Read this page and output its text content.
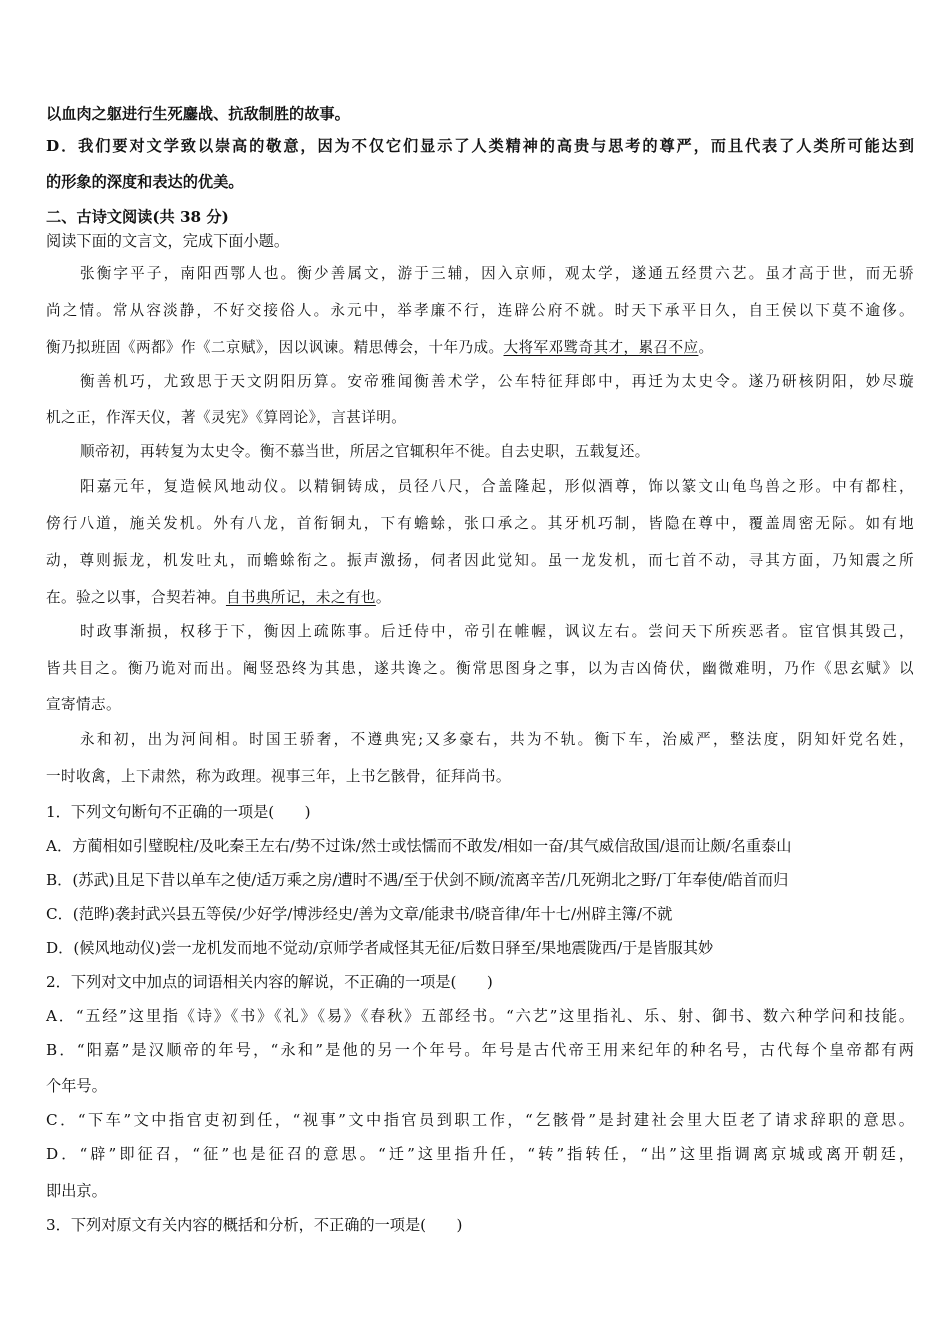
以血肉之躯进行生死鏖战、抗敌制胜的故事。
D．我们要对文学致以崇高的敬意，因为不仅它们显示了人类精神的高贵与思考的尊严，而且代表了人类所可能达到
的形象的深度和表达的优美。
二、古诗文阅读(共 38 分)
阅读下面的文言文，完成下面小题。
张衡字平子，南阳西鄂人也。衡少善属文，游于三辅，因入京师，观太学，遂通五经贯六艺。虽才高于世，而无骄
尚之情。常从容淡静，不好交接俗人。永元中，举孝廉不行，连辟公府不就。时天下承平日久，自王侯以下莫不逾侈。
衡乃拟班固《两都》作《二京赋》，因以讽谏。精思傅会，十年乃成。大将军邓骘奇其才，累召不应。
衡善机巧，尤致思于天文阴阳历算。安帝雅闻衡善术学，公车特征拜郎中，再迁为太史令。遂乃研核阴阳，妙尽璇
机之正，作浑天仪，著《灵宪》《算罔论》，言甚详明。
顺帝初，再转复为太史令。衡不慕当世，所居之官辄积年不徙。自去史职，五载复还。
阳嘉元年，复造候风地动仪。以精铜铸成，员径八尺，合盖隆起，形似酒尊，饰以篆文山龟鸟兽之形。中有都柱，
傍行八道，施关发机。外有八龙，首衔铜丸，下有蟾蜍，张口承之。其牙机巧制，皆隐在尊中，覆盖周密无际。如有地
动，尊则振龙，机发吐丸，而蟾蜍衔之。振声激扬，伺者因此觉知。虽一龙发机，而七首不动，寻其方面，乃知震之所
在。验之以事，合契若神。自书典所记，未之有也。
时政事渐损，权移于下，衡因上疏陈事。后迁侍中，帝引在帷幄，讽议左右。尝问天下所疾恶者。宦官惧其毁己，
皆共目之。衡乃诡对而出。阉竖恐终为其患，遂共谗之。衡常思图身之事，以为吉凶倚伏，幽微难明，乃作《思玄赋》以
宣寄情志。
永和初，出为河间相。时国王骄奢，不遵典宪;又多豪右，共为不轨。衡下车，治威严，整法度，阴知奸党名姓，
一时收禽，上下肃然，称为政理。视事三年，上书乞骸骨，征拜尚书。
1．下列文句断句不正确的一项是(　　)
A．方蔺相如引璧睨柱/及叱秦王左右/势不过诛/然士或怯懦而不敢发/相如一奋/其气威信敌国/退而让颇/名重泰山
B．(苏武)且足下昔以单车之使/适万乘之房/遭时不遇/至于伏剑不顾/流离辛苦/几死朔北之野/丁年奉使/皓首而归
C．(范晔)袭封武兴县五等侯/少好学/博涉经史/善为文章/能隶书/晓音律/年十七/州辟主簿/不就
D．(候风地动仪)尝一龙机发而地不觉动/京师学者咸怪其无征/后数日驿至/果地震陇西/于是皆服其妙
2．下列对文中加点的词语相关内容的解说，不正确的一项是(　　)
A．“五经”这里指《诗》《书》《礼》《易》《春秋》五部经书。“六艺”这里指礼、乐、射、御书、数六种学问和技能。
B．“阳嘉”是汉顺帝的年号，“永和”是他的另一个年号。年号是古代帝王用来纪年的种名号，古代每个皇帝都有两
个年号。
C．“下车”文中指官吏初到任，“视事”文中指官员到职工作，“乞骸骨”是封建社会里大臣老了请求辞职的意思。
D．“辟”即征召，“征”也是征召的意思。“迁”这里指升任，“转”指转任，“出”这里指调离京城或离开朝廷，
即出京。
3．下列对原文有关内容的概括和分析，不正确的一项是(　　)
